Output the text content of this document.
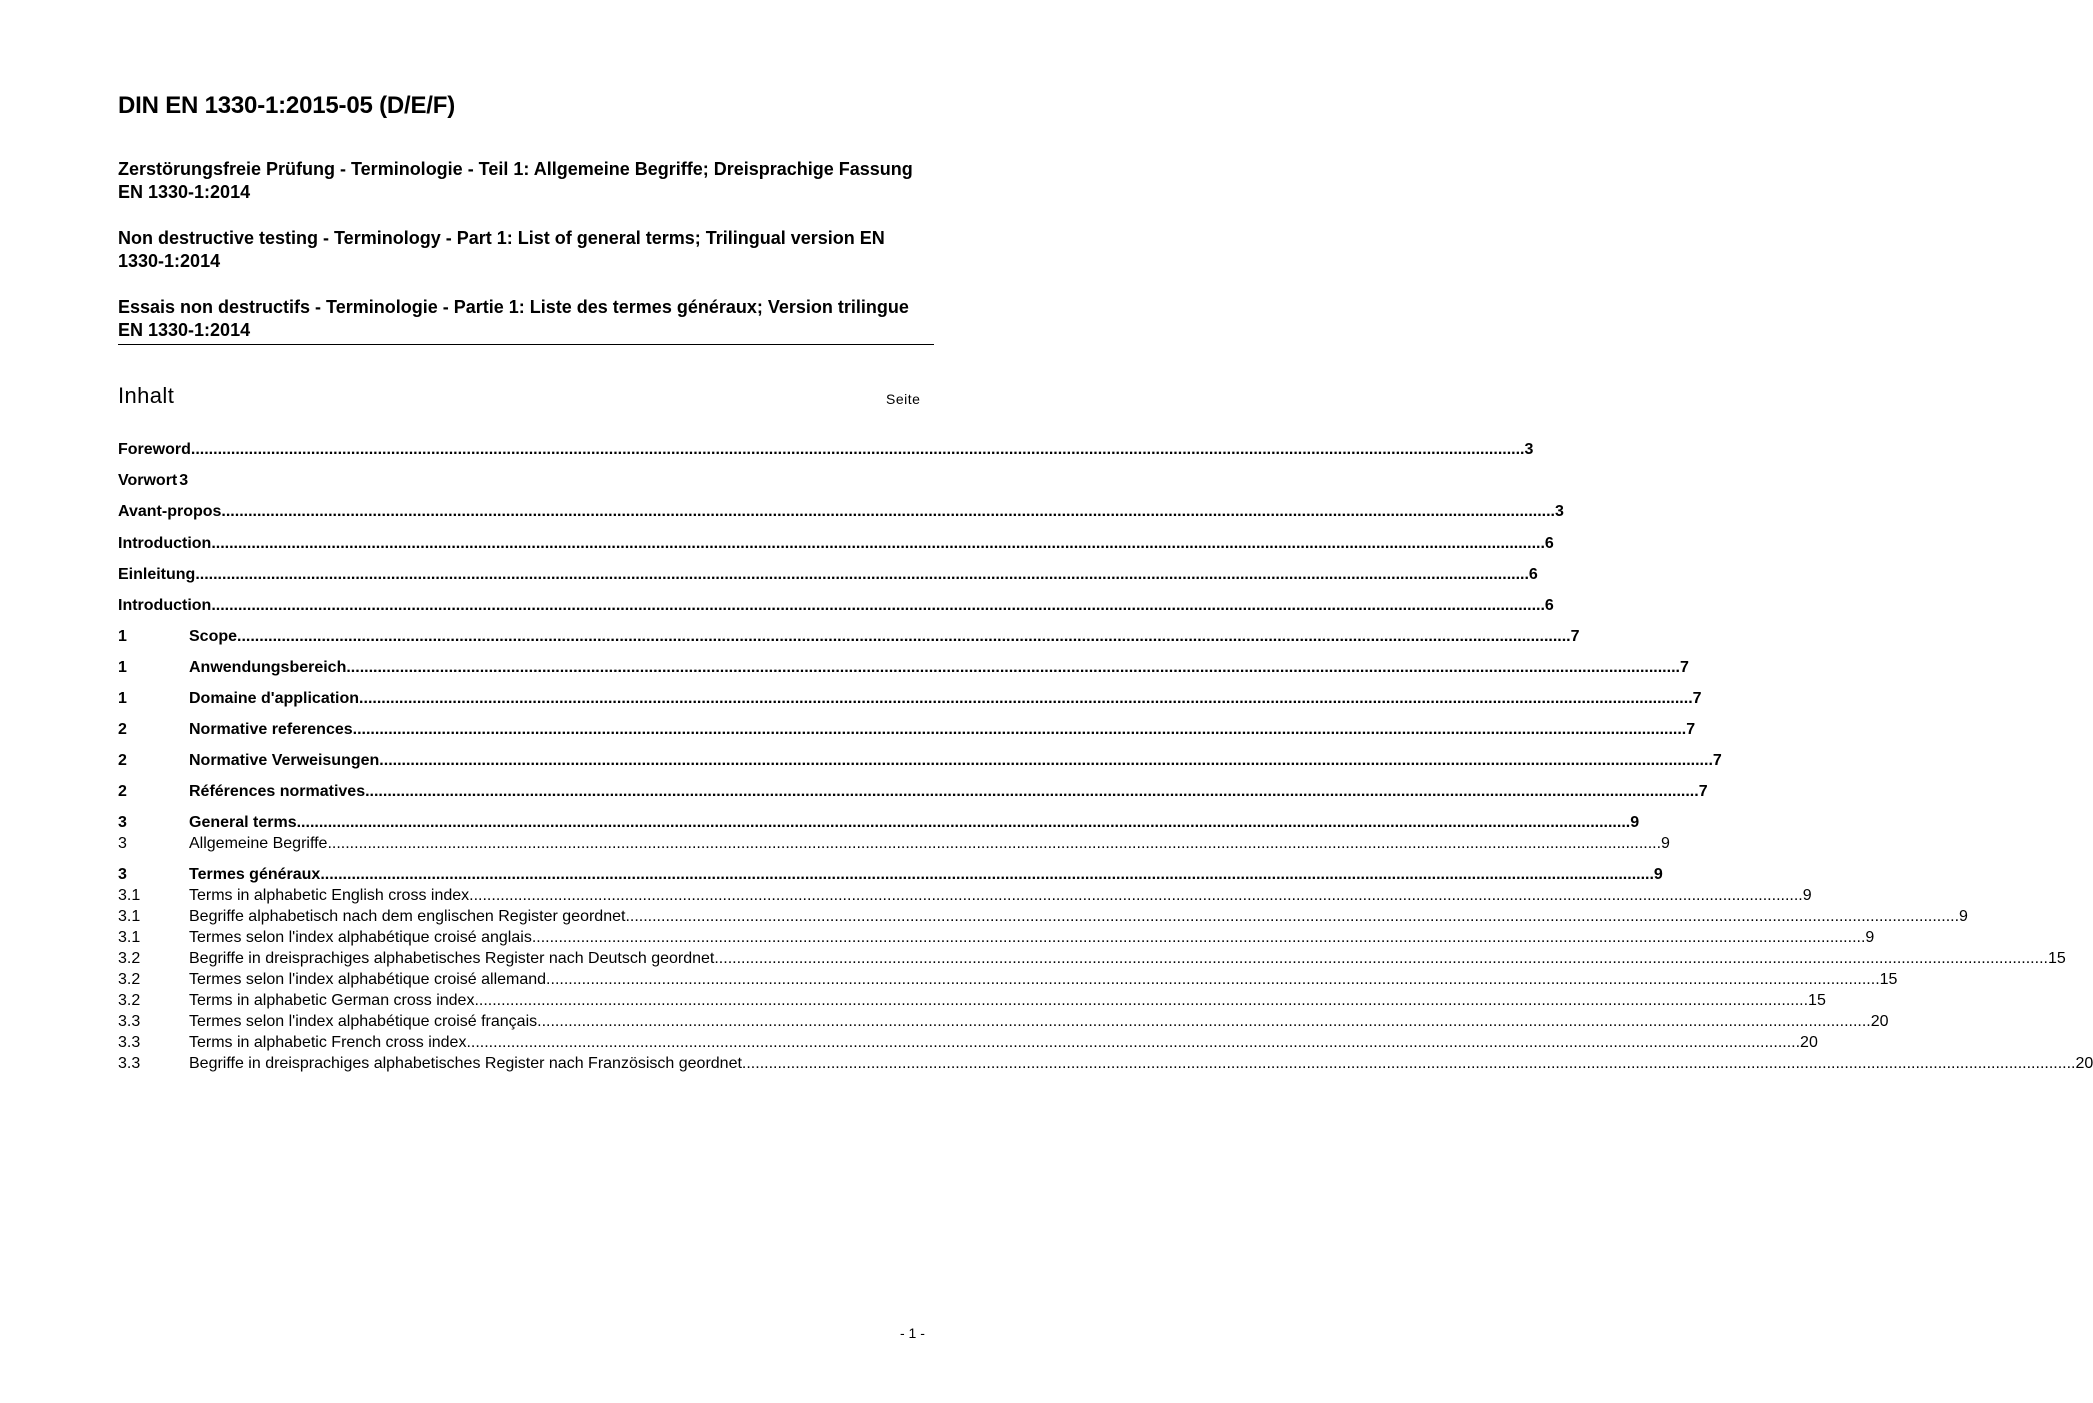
DIN EN 1330-1:2015-05 (D/E/F)
Zerstörungsfreie Prüfung - Terminologie - Teil 1: Allgemeine Begriffe; Dreisprachige Fassung EN 1330-1:2014
Non destructive testing - Terminology - Part 1: List of general terms; Trilingual version EN 1330-1:2014
Essais non destructifs - Terminologie - Partie 1: Liste des termes généraux; Version trilingue EN 1330-1:2014
Inhalt	Seite
Foreword ............................................................................................................................................................................................................................................................................................................ 3
Vorwort 3
Avant-propos ............................................................................................................................................................................................................................................................................................................ 3
Introduction ............................................................................................................................................................................................................................................................................................................ 6
Einleitung ............................................................................................................................................................................................................................................................................................................ 6
Introduction ............................................................................................................................................................................................................................................................................................................ 6
1	Scope ............................................................................................................................................................................................................................................................................................................ 7
1	Anwendungsbereich ............................................................................................................................................................................................................................................................................................................ 7
1	Domaine d'application ............................................................................................................................................................................................................................................................................................................ 7
2	Normative references ............................................................................................................................................................................................................................................................................................................ 7
2	Normative Verweisungen ............................................................................................................................................................................................................................................................................................................ 7
2	Références normatives ............................................................................................................................................................................................................................................................................................................ 7
3	General terms ............................................................................................................................................................................................................................................................................................................ 9
3	Allgemeine Begriffe ............................................................................................................................................................................................................................................................................................................ 9
3	Termes généraux ............................................................................................................................................................................................................................................................................................................ 9
3.1	Terms in alphabetic English cross index ............................................................................................................................................................................................................................................................................................................ 9
3.1	Begriffe alphabetisch nach dem englischen Register geordnet ............................................................................................................................................................................................................................................................................................................ 9
3.1	Termes selon l'index alphabétique croisé anglais ............................................................................................................................................................................................................................................................................................................ 9
3.2	Begriffe in dreisprachiges alphabetisches Register nach Deutsch geordnet ............................................................................................................................................................................................................................................................................................................ 15
3.2	Termes selon l'index alphabétique croisé allemand ............................................................................................................................................................................................................................................................................................................ 15
3.2	Terms in alphabetic German cross index ............................................................................................................................................................................................................................................................................................................ 15
3.3	Termes selon l'index alphabétique croisé français ............................................................................................................................................................................................................................................................................................................ 20
3.3	Terms in alphabetic French cross index ............................................................................................................................................................................................................................................................................................................ 20
3.3	Begriffe in dreisprachiges alphabetisches Register nach Französisch geordnet ............................................................................................................................................................................................................................................................................................................ 20
- 1 -
